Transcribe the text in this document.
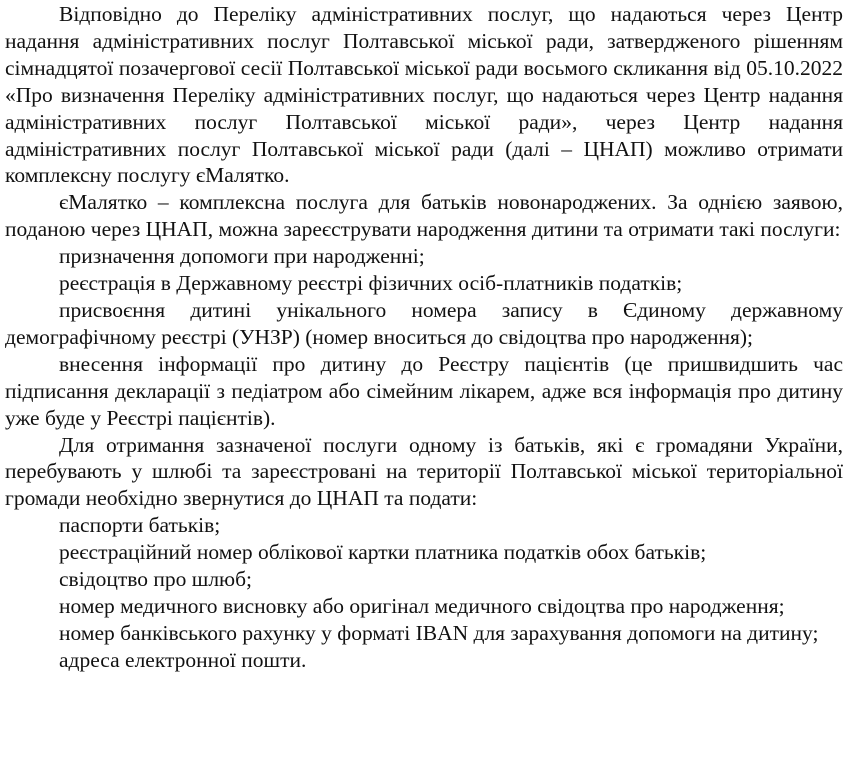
Відповідно до Переліку адміністративних послуг, що надаються через Центр надання адміністративних послуг Полтавської міської ради, затвердженого рішенням сімнадцятої позачергової сесії Полтавської міської ради восьмого скликання від 05.10.2022 «Про визначення Переліку адміністративних послуг, що надаються через Центр надання адміністративних послуг Полтавської міської ради», через Центр надання адміністративних послуг Полтавської міської ради (далі – ЦНАП) можливо отримати комплексну послугу єМалятко.

єМалятко – комплексна послуга для батьків новонароджених. За однією заявою, поданою через ЦНАП, можна зареєструвати народження дитини та отримати такі послуги:

призначення допомоги при народженні;

реєстрація в Державному реєстрі фізичних осіб-платників податків;

присвоєння дитині унікального номера запису в Єдиному державному демографічному реєстрі (УНЗР) (номер вноситься до свідоцтва про народження);

внесення інформації про дитину до Реєстру пацієнтів (це пришвидшить час підписання декларації з педіатром або сімейним лікарем, адже вся інформація про дитину уже буде у Реєстрі пацієнтів).

Для отримання зазначеної послуги одному із батьків, які є громадяни України, перебувають у шлюбі та зареєстровані на території Полтавської міської територіальної громади необхідно звернутися до ЦНАП та подати:

паспорти батьків;

реєстраційний номер облікової картки платника податків обох батьків;

свідоцтво про шлюб;

номер медичного висновку або оригінал медичного свідоцтва про народження;

номер банківського рахунку у форматі IBAN для зарахування допомоги на дитину;

адреса електронної пошти.
